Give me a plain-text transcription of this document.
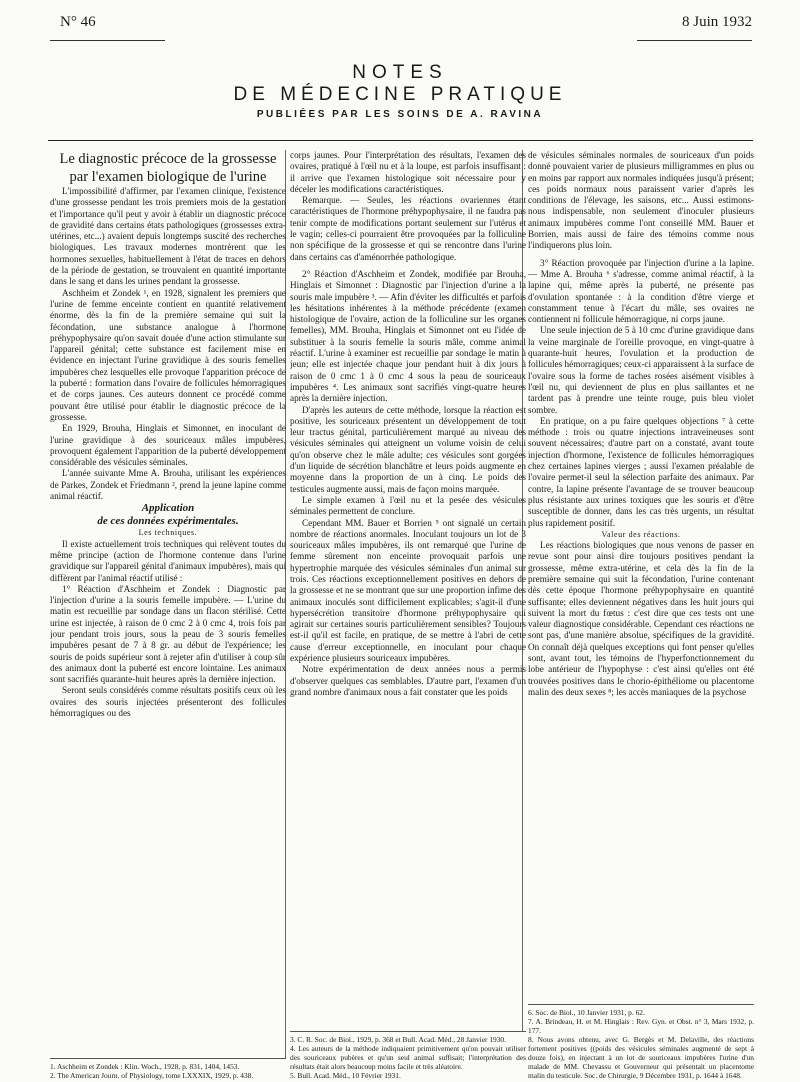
N° 46	8 Juin 1932
NOTES
DE MÉDECINE PRATIQUE
PUBLIÉES PAR LES SOINS DE A. RAVINA

Le diagnostic précoce de la grossesse
par l'examen biologique de l'urine

L'impossibilité d'affirmer, par l'examen clinique, l'existence d'une grossesse pendant les trois premiers mois de la gestation et l'importance qu'il peut y avoir à établir un diagnostic précoce de gravidité dans certains états pathologiques (grossesses extra-utérines, etc...) avaient depuis longtemps suscité des recherches biologiques. Les travaux modernes montrèrent que les hormones sexuelles, habituellement à l'état de traces en dehors de la période de gestation, se trouvaient en quantité importante dans le sang et dans les urines pendant la grossesse.

Aschheim et Zondek ¹, en 1928, signalent les premiers que l'urine de femme enceinte contient en quantité relativement énorme, dès la fin de la première semaine qui suit la fécondation, une substance analogue à l'hormone préhypophysaire qu'on savait douée d'une action stimulante sur l'appareil génital; cette substance est facilement mise en évidence en injectant l'urine gravidique à des souris femelles impubères chez lesquelles elle provoque l'apparition précoce de la puberté : formation dans l'ovaire de follicules hémorragiques et de corps jaunes. Ces auteurs donnent ce procédé comme pouvant être utilisé pour établir le diagnostic précoce de la grossesse.

En 1929, Brouha, Hinglais et Simonnet, en inoculant de l'urine gravidique à des souriceaux mâles impubères, provoquent également l'apparition de la puberté développement considérable des vésicules séminales.

L'année suivante Mme A. Brouha, utilisant les expériences de Parkes, Zondek et Friedmann ², prend la jeune lapine comme animal réactif.

Application
de ces données expérimentales.

Les techniques.

Il existe actuellement trois techniques qui relèvent toutes du même principe (action de l'hormone contenue dans l'urine gravidique sur l'appareil génital d'animaux impubères), mais qui diffèrent par l'animal réactif utilisé :

1° Réaction d'Aschheim et Zondek : Diagnostic par l'injection d'urine a la souris femelle impubère. — L'urine du matin est recueillie par sondage dans un flacon stérilisé. Cette urine est injectée, à raison de 0 cmc 2 à 0 cmc 4, trois fois par jour pendant trois jours, sous la peau de 3 souris femelles impubères pesant de 7 à 8 gr. au début de l'expérience; les souris de poids supérieur sont à rejeter afin d'utiliser à coup sûr des animaux dont la puberté est encore lointaine. Les animaux sont sacrifiés quarante-huit heures après la dernière injection.

Seront seuls considérés comme résultats positifs ceux où les ovaires des souris injectées présenteront des follicules hémorragiques ou des

1. Aschheim et Zondek : Klin. Woch., 1928, p. 831, 1404, 1453.
2. The American Journ. of Physiology, tome LXXXIX, 1929, p. 438.

corps jaunes. Pour l'interprétation des résultats, l'examen des ovaires, pratiqué à l'œil nu et à la loupe, est parfois insuffisant : il arrive que l'examen histologique soit nécessaire pour y déceler les modifications caractéristiques.

Remarque. — Seules, les réactions ovariennes étant caractéristiques de l'hormone préhypophysaire, il ne faudra pas tenir compte de modifications portant seulement sur l'utérus et le vagin; celles-ci pourraient être provoquées par la folliculine non spécifique de la grossesse et qui se rencontre dans l'urine dans certains cas d'aménorrhée pathologique.

2° Réaction d'Aschheim et Zondek, modifiée par Brouha, Hinglais et Simonnet : Diagnostic par l'injection d'urine a la souris male impubère ³. — Afin d'éviter les difficultés et parfois les hésitations inhérentes à la méthode précédente (examen histologique de l'ovaire, action de la folliculine sur les organes femelles), MM. Brouha, Hinglais et Simonnet ont eu l'idée de substituer à la souris femelle la souris mâle, comme animal réactif. L'urine à examiner est recueillie par sondage le matin à jeun; elle est injectée chaque jour pendant huit à dix jours à raison de 0 cmc 1 à 0 cmc 4 sous la peau de souriceaux impubères ⁴. Les animaux sont sacrifiés vingt-quatre heures après la dernière injection.

D'après les auteurs de cette méthode, lorsque la réaction est positive, les souriceaux présentent un développement de tout leur tractus génital, particulièrement marqué au niveau des vésicules séminales qui atteignent un volume voisin de celui qu'on observe chez le mâle adulte; ces vésicules sont gorgées d'un liquide de sécrétion blanchâtre et leurs poids augmente en moyenne dans la proportion de un à cinq. Le poids des testicules augmente aussi, mais de façon moins marquée.

Le simple examen à l'œil nu et la pesée des vésicules séminales permettent de conclure.

Cependant MM. Bauer et Borrien ⁵ ont signalé un certain nombre de réactions anormales. Inoculant toujours un lot de 3 souriceaux mâles impubères, ils ont remarqué que l'urine de femme sûrement non enceinte provoquait parfois une hypertrophie marquée des vésicules séminales d'un animal sur trois. Ces réactions exceptionnellement positives en dehors de la grossesse et ne se montrant que sur une proportion infime des animaux inoculés sont difficilement explicables; s'agit-il d'une hypersécrétion transitoire d'hormone préhypophysaire qui agirait sur certaines souris particulièrement sensibles? Toujours est-il qu'il est facile, en pratique, de se mettre à l'abri de cette cause d'erreur exceptionnelle, en inoculant pour chaque expérience plusieurs souriceaux impubères.

Notre expérimentation de deux années nous a permis d'observer quelques cas semblables. D'autre part, l'examen d'un grand nombre d'animaux nous a fait constater que les poids

3. C. R. Soc. de Biol., 1929, p. 368 et Bull. Acad. Méd., 28 Janvier 1930.
4. Les auteurs de la méthode indiquaient primitivement qu'on pouvait utiliser des souriceaux pubères et qu'un seul animal suffisait; l'interprétation des résultats était alors beaucoup moins facile et très aléatoire.
5. Bull. Acad. Méd., 10 Février 1931.

de vésicules séminales normales de souriceaux d'un poids donné pouvaient varier de plusieurs milligrammes en plus ou en moins par rapport aux normales indiquées jusqu'à présent; ces poids normaux nous paraissent varier d'après les conditions de l'élevage, les saisons, etc... Aussi estimons-nous indispensable, non seulement d'inoculer plusieurs animaux impubères comme l'ont conseillé MM. Bauer et Borrien, mais aussi de faire des témoins comme nous l'indiquerons plus loin.

3° Réaction provoquée par l'injection d'urine a la lapine. — Mme A. Brouha ⁶ s'adresse, comme animal réactif, à la lapine qui, même après la puberté, ne présente pas d'ovulation spontanée : à la condition d'être vierge et constamment tenue à l'écart du mâle, ses ovaires ne contiennent ni follicule hémorragique, ni corps jaune.

Une seule injection de 5 à 10 cmc d'urine gravidique dans la veine marginale de l'oreille provoque, en vingt-quatre à quarante-huit heures, l'ovulation et la production de follicules hémorragiques; ceux-ci apparaissent à la surface de l'ovaire sous la forme de taches rosées aisément visibles à l'œil nu, qui deviennent de plus en plus saillantes et ne tardent pas à prendre une teinte rouge, puis bleu violet sombre.

En pratique, on a pu faire quelques objections ⁷ à cette méthode : trois ou quatre injections intraveineuses sont souvent nécessaires; d'autre part on a constaté, avant toute injection d'hormone, l'existence de follicules hémorragiques chez certaines lapines vierges ; aussi l'examen préalable de l'ovaire permet-il seul la sélection parfaite des animaux. Par contre, la lapine présente l'avantage de se trouver beaucoup plus résistante aux urines toxiques que les souris et d'être susceptible de donner, dans les cas très urgents, un résultat plus rapidement positif.

Valeur des réactions.

Les réactions biologiques que nous venons de passer en revue sont pour ainsi dire toujours positives pendant la grossesse, même extra-utérine, et cela dès la fin de la première semaine qui suit la fécondation, l'urine contenant dès cette époque l'hormone préhypophysaire en quantité suffisante; elles deviennent négatives dans les huit jours qui suivent la mort du fœtus : c'est dire que ces tests ont une valeur diagnostique considérable. Cependant ces réactions ne sont pas, d'une manière absolue, spécifiques de la gravidité. On connaît déjà quelques exceptions qui font penser qu'elles sont, avant tout, les témoins de l'hyperfonctionnement du lobe antérieur de l'hypophyse : c'est ainsi qu'elles ont été trouvées positives dans le chorio-épithéliome ou placentome malin des deux sexes ⁸; les accès maniaques de la psychose

6. Soc. de Biol., 10 Janvier 1931, p. 62.
7. A. Brindeau, H. et M. Hinglais : Rev. Gyn. et Obst. n° 3, Mars 1932, p. 177.
8. Nous avons obtenu, avec G. Bergès et M. Delaville, des réactions fortement positives ((poids des vésicules séminales augmenté de sept à douze fois), en injectant à un lot de souriceaux impubères l'urine d'un malade de MM. Chevassu et Gouverneur qui présentait un placentome malin du testicule. Soc. de Chirurgie, 9 Décembre 1931, p. 1644 à 1648.
